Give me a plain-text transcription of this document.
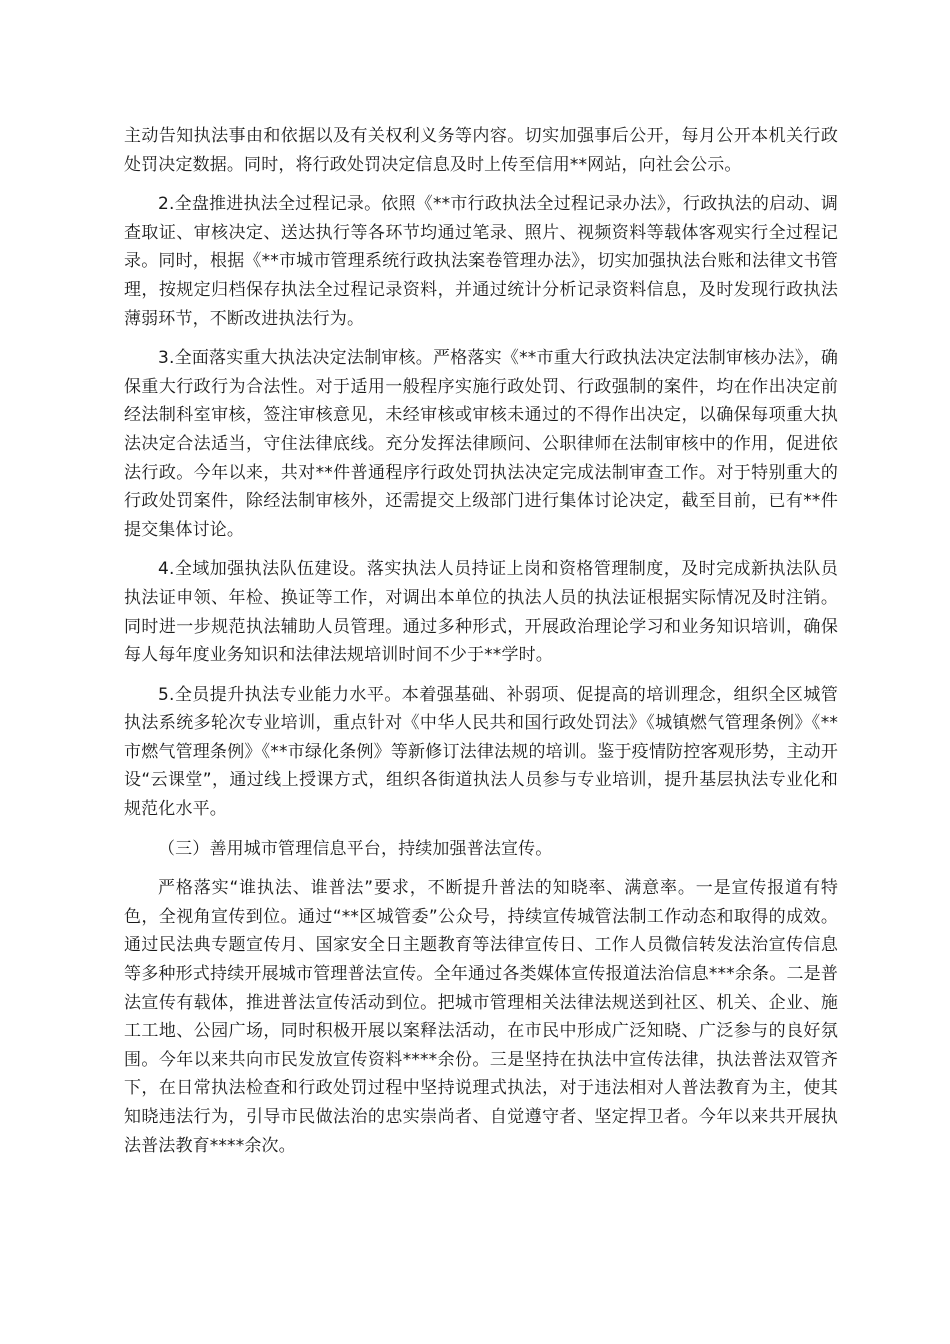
主动告知执法事由和依据以及有关权利义务等内容。切实加强事后公开，每月公开本机关行政处罚决定数据。同时，将行政处罚决定信息及时上传至信用**网站，向社会公示。

2.全盘推进执法全过程记录。依照《**市行政执法全过程记录办法》，行政执法的启动、调查取证、审核决定、送达执行等各环节均通过笔录、照片、视频资料等载体客观实行全过程记录。同时，根据《**市城市管理系统行政执法案卷管理办法》，切实加强执法台账和法律文书管理，按规定归档保存执法全过程记录资料，并通过统计分析记录资料信息，及时发现行政执法薄弱环节，不断改进执法行为。

3.全面落实重大执法决定法制审核。严格落实《**市重大行政执法决定法制审核办法》，确保重大行政行为合法性。对于适用一般程序实施行政处罚、行政强制的案件，均在作出决定前经法制科室审核，签注审核意见，未经审核或审核未通过的不得作出决定，以确保每项重大执法决定合法适当，守住法律底线。充分发挥法律顾问、公职律师在法制审核中的作用，促进依法行政。今年以来，共对**件普通程序行政处罚执法决定完成法制审查工作。对于特别重大的行政处罚案件，除经法制审核外，还需提交上级部门进行集体讨论决定，截至目前，已有**件提交集体讨论。

4.全域加强执法队伍建设。落实执法人员持证上岗和资格管理制度，及时完成新执法队员执法证申领、年检、换证等工作，对调出本单位的执法人员的执法证根据实际情况及时注销。同时进一步规范执法辅助人员管理。通过多种形式，开展政治理论学习和业务知识培训，确保每人每年度业务知识和法律法规培训时间不少于**学时。

5.全员提升执法专业能力水平。本着强基础、补弱项、促提高的培训理念，组织全区城管执法系统多轮次专业培训，重点针对《中华人民共和国行政处罚法》《城镇燃气管理条例》《**市燃气管理条例》《**市绿化条例》等新修订法律法规的培训。鉴于疫情防控客观形势，主动开设“云课堂”，通过线上授课方式，组织各街道执法人员参与专业培训，提升基层执法专业化和规范化水平。

（三）善用城市管理信息平台，持续加强普法宣传。

严格落实“谁执法、谁普法”要求，不断提升普法的知晓率、满意率。一是宣传报道有特色，全视角宣传到位。通过“**区城管委”公众号，持续宣传城管法制工作动态和取得的成效。通过民法典专题宣传月、国家安全日主题教育等法律宣传日、工作人员微信转发法治宣传信息等多种形式持续开展城市管理普法宣传。全年通过各类媒体宣传报道法治信息***余条。二是普法宣传有载体，推进普法宣传活动到位。把城市管理相关法律法规送到社区、机关、企业、施工工地、公园广场，同时积极开展以案释法活动，在市民中形成广泛知晓、广泛参与的良好氛围。今年以来共向市民发放宣传资料****余份。三是坚持在执法中宣传法律，执法普法双管齐下，在日常执法检查和行政处罚过程中坚持说理式执法，对于违法相对人普法教育为主，使其知晓违法行为，引导市民做法治的忠实崇尚者、自觉遵守者、坚定捍卫者。今年以来共开展执法普法教育****余次。
